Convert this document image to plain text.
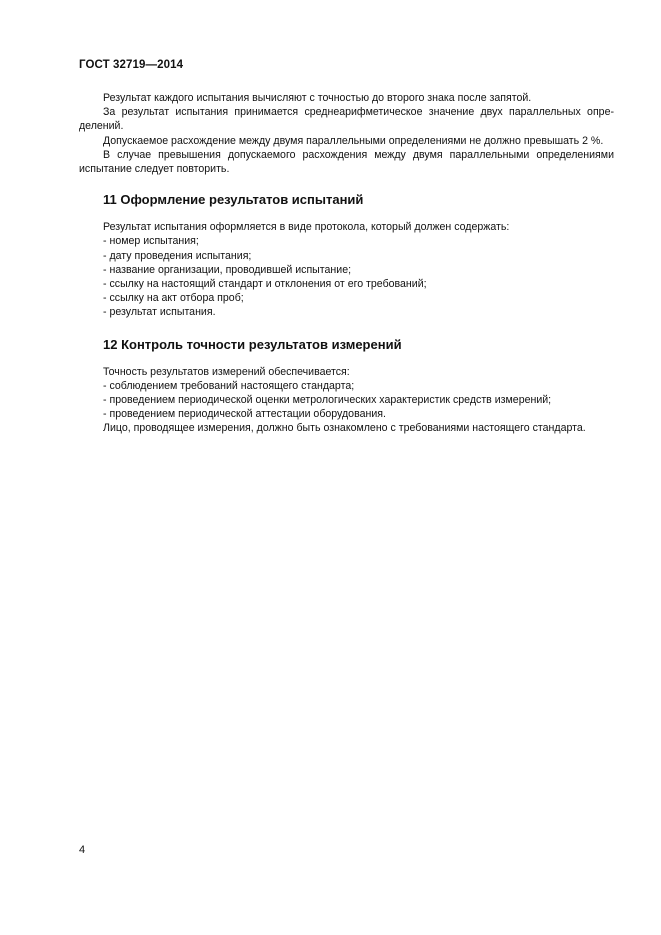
ГОСТ 32719—2014

Результат каждого испытания вычисляют с точностью до второго знака после запятой.

За результат испытания принимается среднеарифметическое значение двух параллельных опре-делений.

Допускаемое расхождение между двумя параллельными определениями не должно превышать 2 %.

В случае превышения допускаемого расхождения между двумя параллельными определениями испытание следует повторить.

11 Оформление результатов испытаний

Результат испытания оформляется в виде протокола, который должен содержать:

- номер испытания;
- дату проведения испытания;
- название организации, проводившей испытание;
- ссылку на настоящий стандарт и отклонения от его требований;
- ссылку на акт отбора проб;
- результат испытания.
12 Контроль точности результатов измерений

Точность результатов измерений обеспечивается:

- соблюдением требований настоящего стандарта;
- проведением периодической оценки метрологических характеристик средств измерений;
- проведением периодической аттестации оборудования.

Лицо, проводящее измерения, должно быть ознакомлено с требованиями настоящего стандарта.

4
